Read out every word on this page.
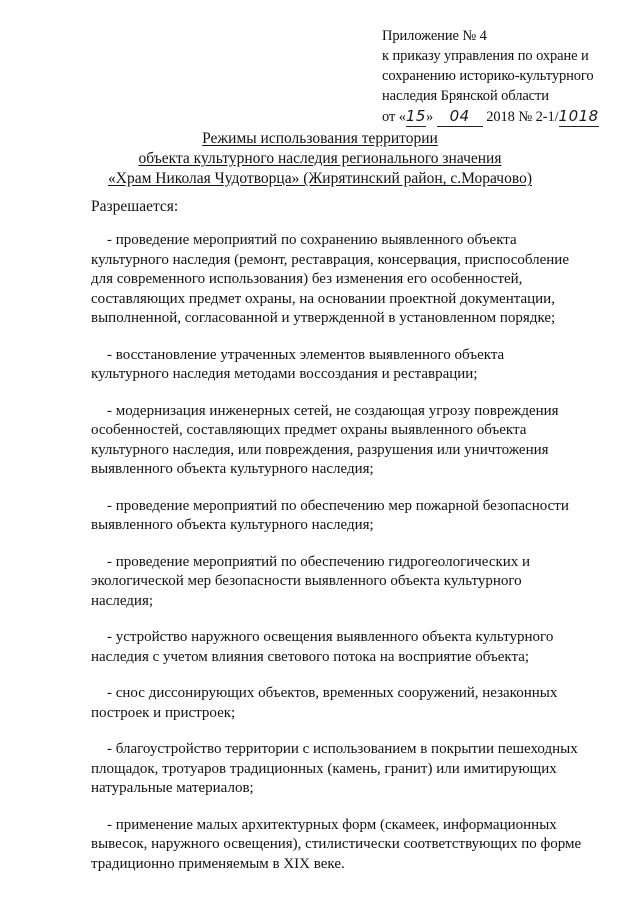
Приложение № 4
к приказу управления по охране и
сохранению историко-культурного
наследия Брянской области
от «15» 04 2018 № 2-1/1018
Режимы использования территории
объекта культурного наследия регионального значения
«Храм Николая Чудотворца» (Жирятинский район, с.Морачово)
Разрешается:
- проведение мероприятий по сохранению выявленного объекта
культурного наследия (ремонт, реставрация, консервация, приспособление
для современного использования) без изменения его особенностей,
составляющих предмет охраны, на основании проектной документации,
выполненной, согласованной и утвержденной в установленном порядке;
- восстановление утраченных элементов выявленного объекта
культурного наследия методами воссоздания и реставрации;
- модернизация инженерных сетей, не создающая угрозу повреждения
особенностей, составляющих предмет охраны выявленного объекта
культурного наследия, или повреждения, разрушения или уничтожения
выявленного объекта культурного наследия;
- проведение мероприятий по обеспечению мер пожарной безопасности
выявленного объекта культурного наследия;
- проведение мероприятий по обеспечению гидрогеологических и
экологической мер безопасности выявленного объекта культурного
наследия;
- устройство наружного освещения выявленного объекта культурного
наследия с учетом влияния светового потока на восприятие объекта;
- снос диссонирующих объектов, временных сооружений, незаконных
построек и пристроек;
- благоустройство территории с использованием в покрытии пешеходных
площадок, тротуаров традиционных (камень, гранит) или имитирующих
натуральные материалов;
- применение малых архитектурных форм (скамеек, информационных
вывесок, наружного освещения), стилистически соответствующих по форме
традиционно применяемым в XIX веке.
